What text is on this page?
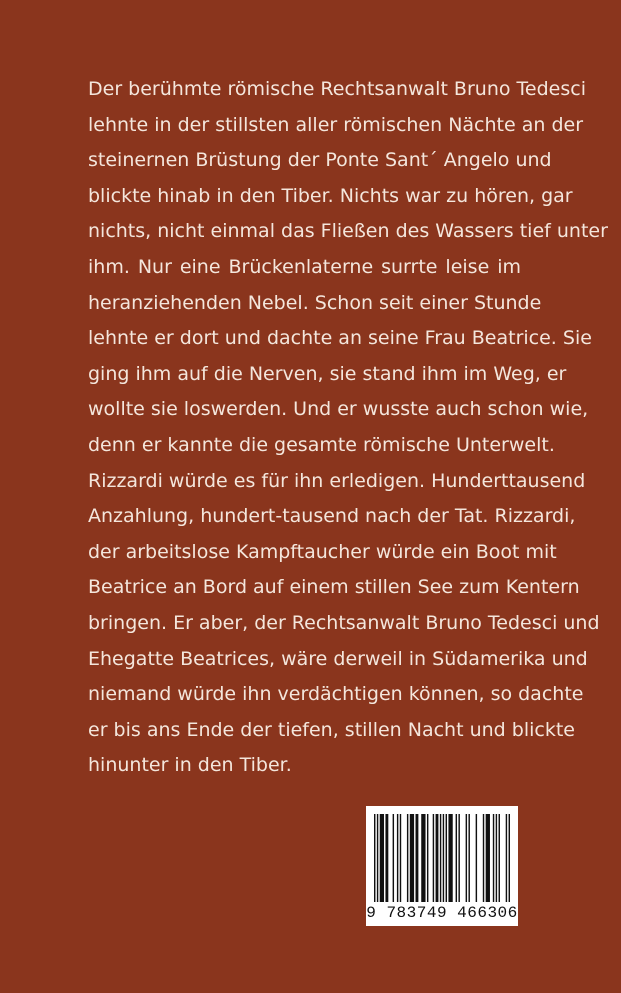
Der berühmte römische Rechtsanwalt Bruno Tedesci
lehnte in der stillsten aller römischen Nächte an der
steinernen Brüstung der Ponte Sant´ Angelo und
blickte hinab in den Tiber. Nichts war zu hören, gar
nichts, nicht einmal das Fließen des Wassers tief unter
ihm. Nur eine Brückenlaterne surrte leise im
heranziehenden Nebel. Schon seit einer Stunde
lehnte er dort und dachte an seine Frau Beatrice. Sie
ging ihm auf die Nerven, sie stand ihm im Weg, er
wollte sie loswerden. Und er wusste auch schon wie,
denn er kannte die gesamte römische Unterwelt.
Rizzardi würde es für ihn erledigen. Hunderttausend
Anzahlung, hundert-tausend nach der Tat. Rizzardi,
der arbeitslose Kampftaucher würde ein Boot mit
Beatrice an Bord auf einem stillen See zum Kentern
bringen. Er aber, der Rechtsanwalt Bruno Tedesci und
Ehegatte Beatrices, wäre derweil in Südamerika und
niemand würde ihn verdächtigen können, so dachte
er bis ans Ende der tiefen, stillen Nacht und blickte
hinunter in den Tiber.
9 783749 466306
